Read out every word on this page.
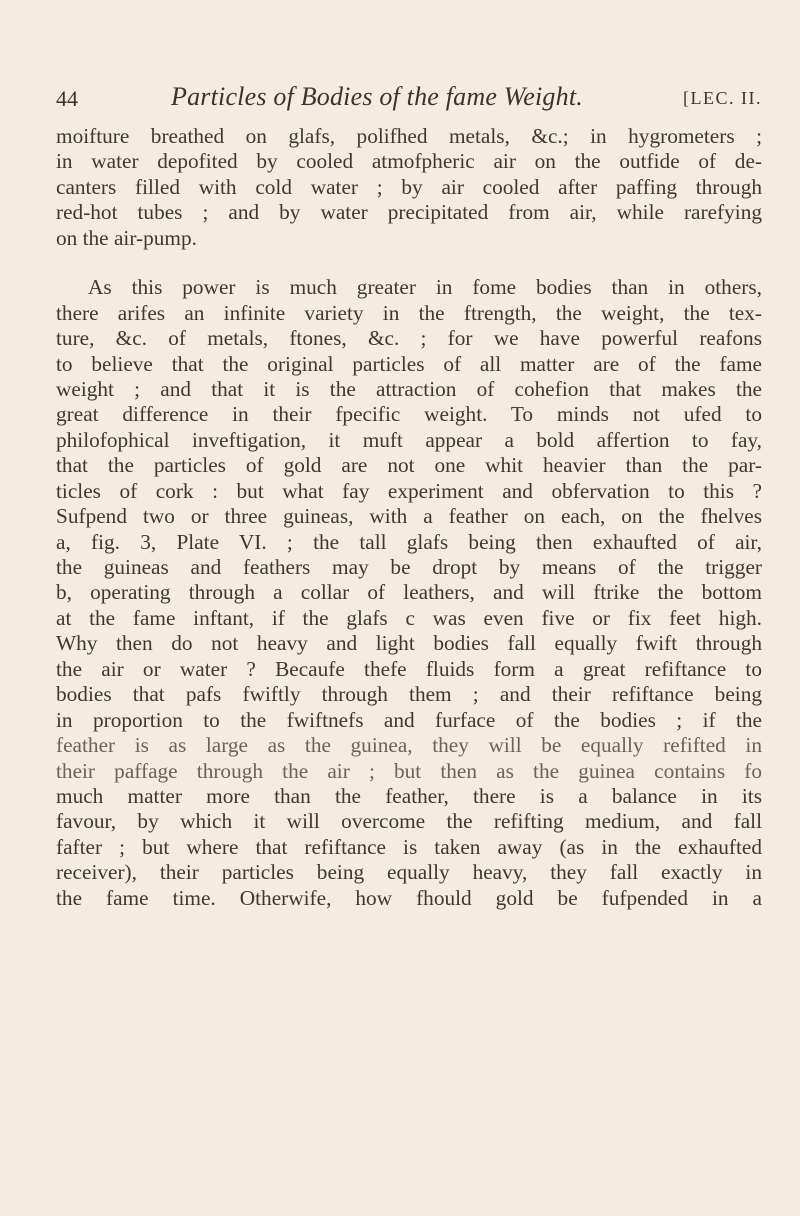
44	Particles of Bodies of the fame Weight.	[LEC. II.
moifture breathed on glafs, polifhed metals, &c.; in hygrometers ;
in water depofited by cooled atmofpheric air on the outfide of de-
canters filled with cold water ; by air cooled after paffing through
red-hot tubes ; and by water precipitated from air, while rarefying
on the air-pump.
As this power is much greater in fome bodies than in others,
there arifes an infinite variety in the ftrength, the weight, the tex-
ture, &c. of metals, ftones, &c. ; for we have powerful reafons
to believe that the original particles of all matter are of the fame
weight ; and that it is the attraction of cohefion that makes the
great difference in their fpecific weight. To minds not ufed to
philofophical inveftigation, it muft appear a bold affertion to fay,
that the particles of gold are not one whit heavier than the par-
ticles of cork : but what fay experiment and obfervation to this ?
Sufpend two or three guineas, with a feather on each, on the fhelves
a, fig. 3, Plate VI. ; the tall glafs being then exhaufted of air,
the guineas and feathers may be dropt by means of the trigger
b, operating through a collar of leathers, and will ftrike the bottom
at the fame inftant, if the glafs c was even five or fix feet high.
Why then do not heavy and light bodies fall equally fwift through
the air or water ? Becaufe thefe fluids form a great refiftance to
bodies that pafs fwiftly through them ; and their refiftance being
in proportion to the fwiftnefs and furface of the bodies ; if the
feather is as large as the guinea, they will be equally refifted in
their paffage through the air ; but then as the guinea contains fo
much matter more than the feather, there is a balance in its
favour, by which it will overcome the refifting medium, and fall
fafter ; but where that refiftance is taken away (as in the exhaufted
receiver), their particles being equally heavy, they fall exactly in
the fame time. Otherwife, how fhould gold be fufpended in a
